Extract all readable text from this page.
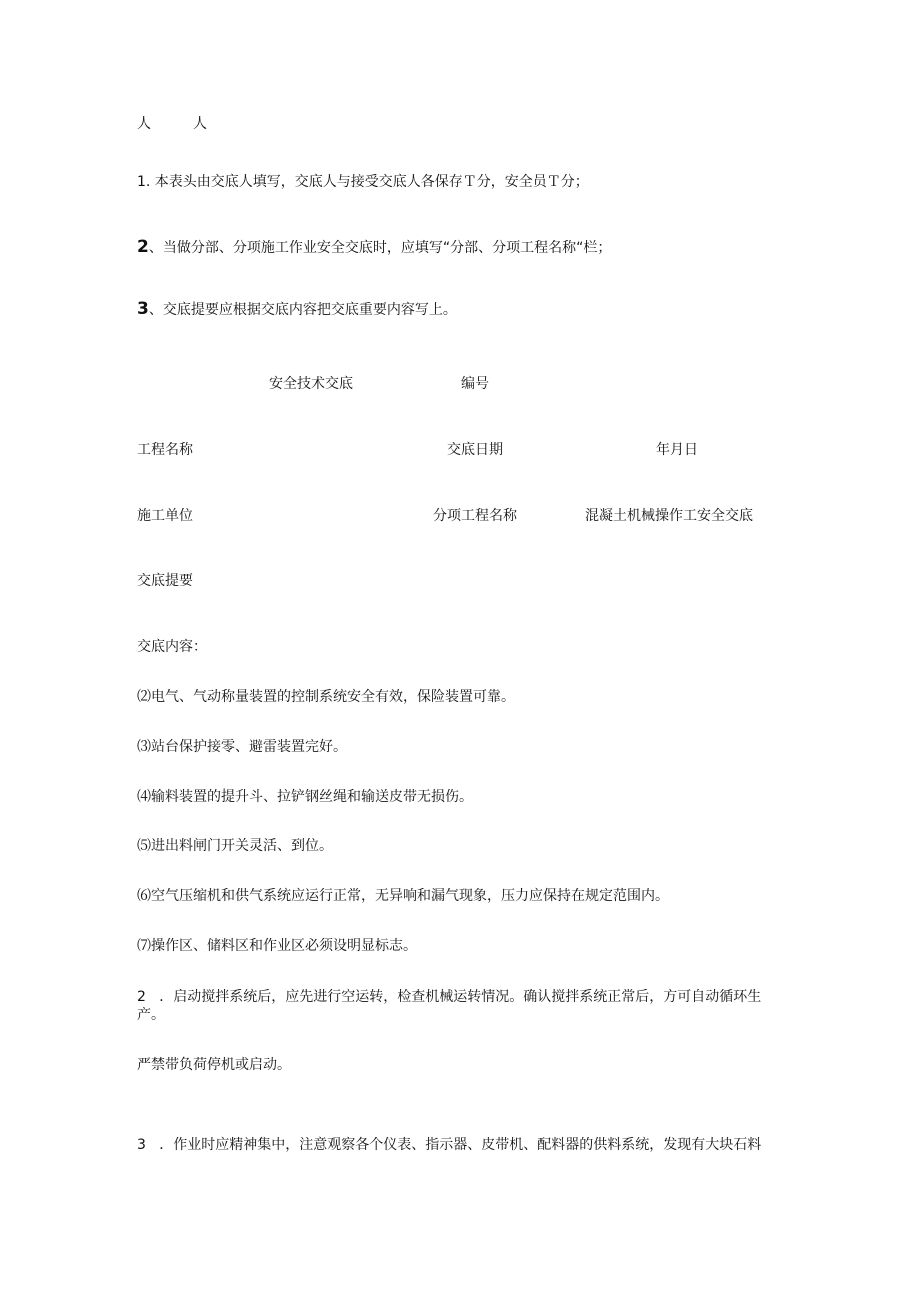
人	人
1. 本表头由交底人填写，交底人与接受交底人各保存Ｔ分，安全员Ｔ分；
2、当做分部、分项施工作业安全交底时，应填写“分部、分项工程名称“栏；
3、交底提要应根据交底内容把交底重要内容写上。
安全技术交底	编号
工程名称	交底日期	年月日
施工单位	分项工程名称	混凝土机械操作工安全交底
交底提要
交底内容：
⑵电气、气动称量装置的控制系统安全有效，保险装置可靠。
⑶站台保护接零、避雷装置完好。
⑷输料装置的提升斗、拉铲钢丝绳和输送皮带无损伤。
⑸进出料闸门开关灵活、到位。
⑹空气压缩机和供气系统应运行正常，无异响和漏气现象，压力应保持在规定范围内。
⑺操作区、储料区和作业区必须设明显标志。
2 ．启动搅拌系统后，应先进行空运转，检查机械运转情况。确认搅拌系统正常后，方可自动循环生产。
严禁带负荷停机或启动。
3 ．作业时应精神集中，注意观察各个仪表、指示器、皮带机、配料器的供料系统，发现有大块石料
